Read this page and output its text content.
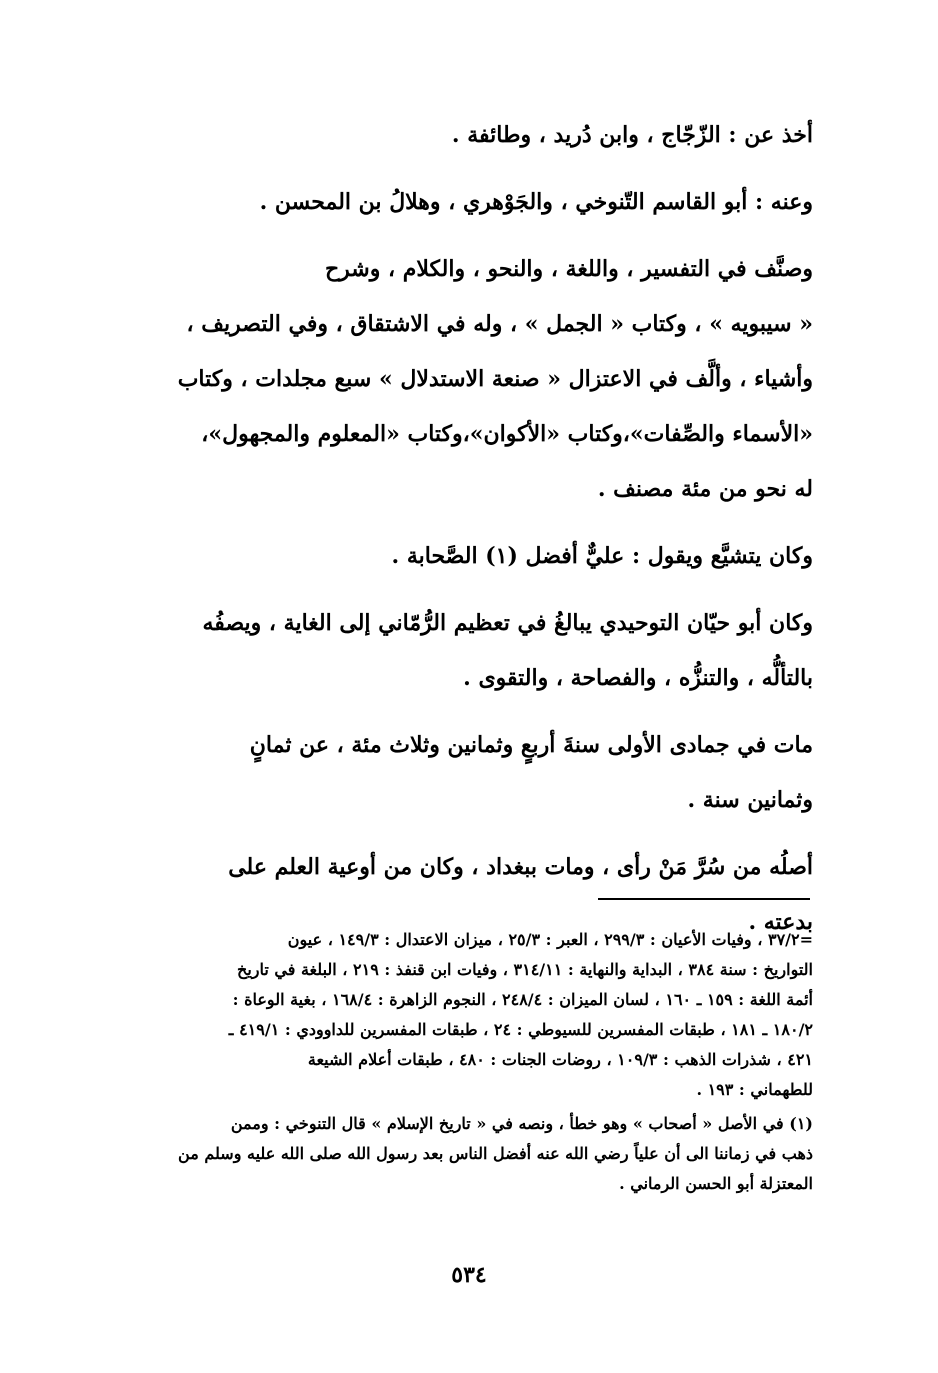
أخذ عن : الزّجّاج ، وابن دُريد ، وطائفة .
وعنه : أبو القاسم التّنوخي ، والجَوْهري ، وهلالُ بن المحسن .
وصنَّف في التفسير ، واللغة ، والنحو ، والكلام ، وشرح
« سيبويه » ، وكتاب « الجمل » ، وله في الاشتقاق ، وفي التصريف ،
وأشياء ، وألَّف في الاعتزال « صنعة الاستدلال » سبع مجلدات ، وكتاب
«الأسماء والصِّفات»،وكتاب «الأكوان»،وكتاب «المعلوم والمجهول»،
له نحو من مئة مصنف .
وكان يتشيَّع ويقول : عليٌّ أفضل (١) الصَّحابة .
وكان أبو حيّان التوحيدي يبالغُ في تعظيم الرُّمّاني إلى الغاية ، ويصفُه
بالتألُّه ، والتنزُّه ، والفصاحة ، والتقوى .
مات في جمادى الأولى سنةَ أربعٍ وثمانين وثلاث مئة ، عن ثمانٍ
وثمانين سنة .
أصلُه من سُرَّ مَنْ رأى ، ومات ببغداد ، وكان من أوعية العلم على
بدعته .
=٣٧/٢ ، وفيات الأعيان : ٢٩٩/٣ ، العبر : ٢٥/٣ ، ميزان الاعتدال : ١٤٩/٣ ، عيون
التواريخ : سنة ٣٨٤ ، البداية والنهاية : ٣١٤/١١ ، وفيات ابن قنفذ : ٢١٩ ، البلغة في تاريخ
أئمة اللغة : ١٥٩ ـ ١٦٠ ، لسان الميزان : ٢٤٨/٤ ، النجوم الزاهرة : ١٦٨/٤ ، بغية الوعاة :
١٨٠/٢ ـ ١٨١ ، طبقات المفسرين للسيوطي : ٢٤ ، طبقات المفسرين للداوودي : ٤١٩/١ ـ
٤٢١ ، شذرات الذهب : ١٠٩/٣ ، روضات الجنات : ٤٨٠ ، طبقات أعلام الشيعة
للطهماني : ١٩٣ .
(١) في الأصل « أصحاب » وهو خطأ ، ونصه في « تاريخ الإسلام » قال التنوخي : وممن
ذهب في زماننا الى أن علياً رضي الله عنه أفضل الناس بعد رسول الله صلى الله عليه وسلم من
المعتزلة أبو الحسن الرماني .
٥٣٤
